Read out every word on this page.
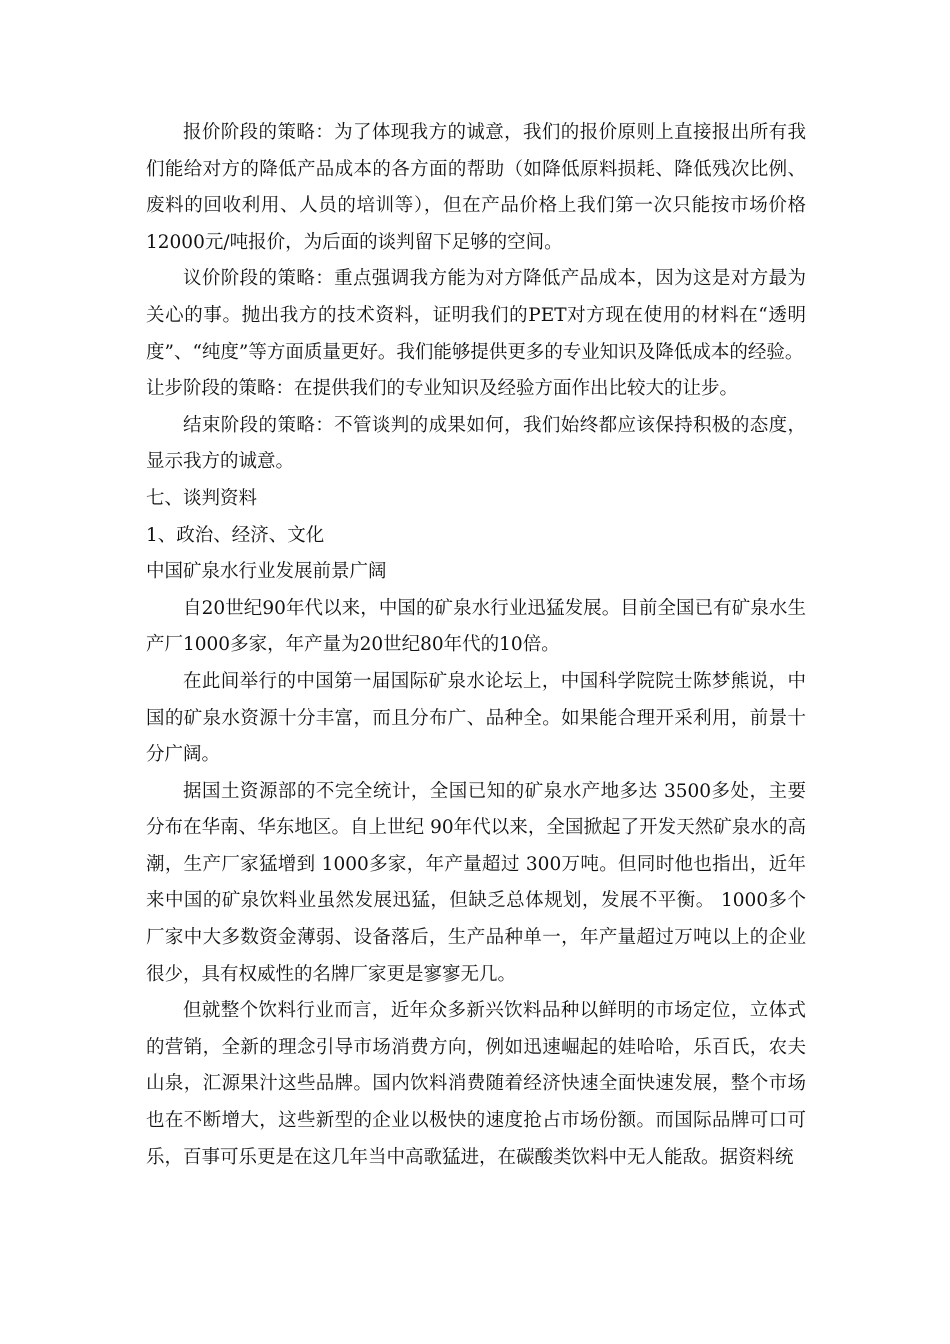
报价阶段的策略：为了体现我方的诚意，我们的报价原则上直接报出所有我们能给对方的降低产品成本的各方面的帮助（如降低原料损耗、降低残次比例、废料的回收利用、人员的培训等），但在产品价格上我们第一次只能按市场价格12000元/吨报价，为后面的谈判留下足够的空间。

议价阶段的策略：重点强调我方能为对方降低产品成本，因为这是对方最为关心的事。抛出我方的技术资料，证明我们的PET对方现在使用的材料在“透明度”、“纯度”等方面质量更好。我们能够提供更多的专业知识及降低成本的经验。

让步阶段的策略：在提供我们的专业知识及经验方面作出比较大的让步。

结束阶段的策略：不管谈判的成果如何，我们始终都应该保持积极的态度，显示我方的诚意。

七、谈判资料

1、政治、经济、文化

中国矿泉水行业发展前景广阔

自20世纪90年代以来，中国的矿泉水行业迅猛发展。目前全国已有矿泉水生产厂1000多家，年产量为20世纪80年代的10倍。

在此间举行的中国第一届国际矿泉水论坛上，中国科学院院士陈梦熊说，中国的矿泉水资源十分丰富，而且分布广、品种全。如果能合理开采利用，前景十分广阔。

据国土资源部的不完全统计，全国已知的矿泉水产地多达 3500多处，主要分布在华南、华东地区。自上世纪 90年代以来，全国掀起了开发天然矿泉水的高潮，生产厂家猛增到 1000多家，年产量超过 300万吨。但同时他也指出，近年来中国的矿泉饮料业虽然发展迅猛，但缺乏总体规划，发展不平衡。 1000多个厂家中大多数资金薄弱、设备落后，生产品种单一，年产量超过万吨以上的企业很少，具有权威性的名牌厂家更是寥寥无几。

但就整个饮料行业而言，近年众多新兴饮料品种以鲜明的市场定位，立体式的营销，全新的理念引导市场消费方向，例如迅速崛起的娃哈哈，乐百氏，农夫山泉，汇源果汁这些品牌。国内饮料消费随着经济快速全面快速发展，整个市场也在不断增大，这些新型的企业以极快的速度抢占市场份额。而国际品牌可口可乐，百事可乐更是在这几年当中高歌猛进，在碳酸类饮料中无人能敌。据资料统
